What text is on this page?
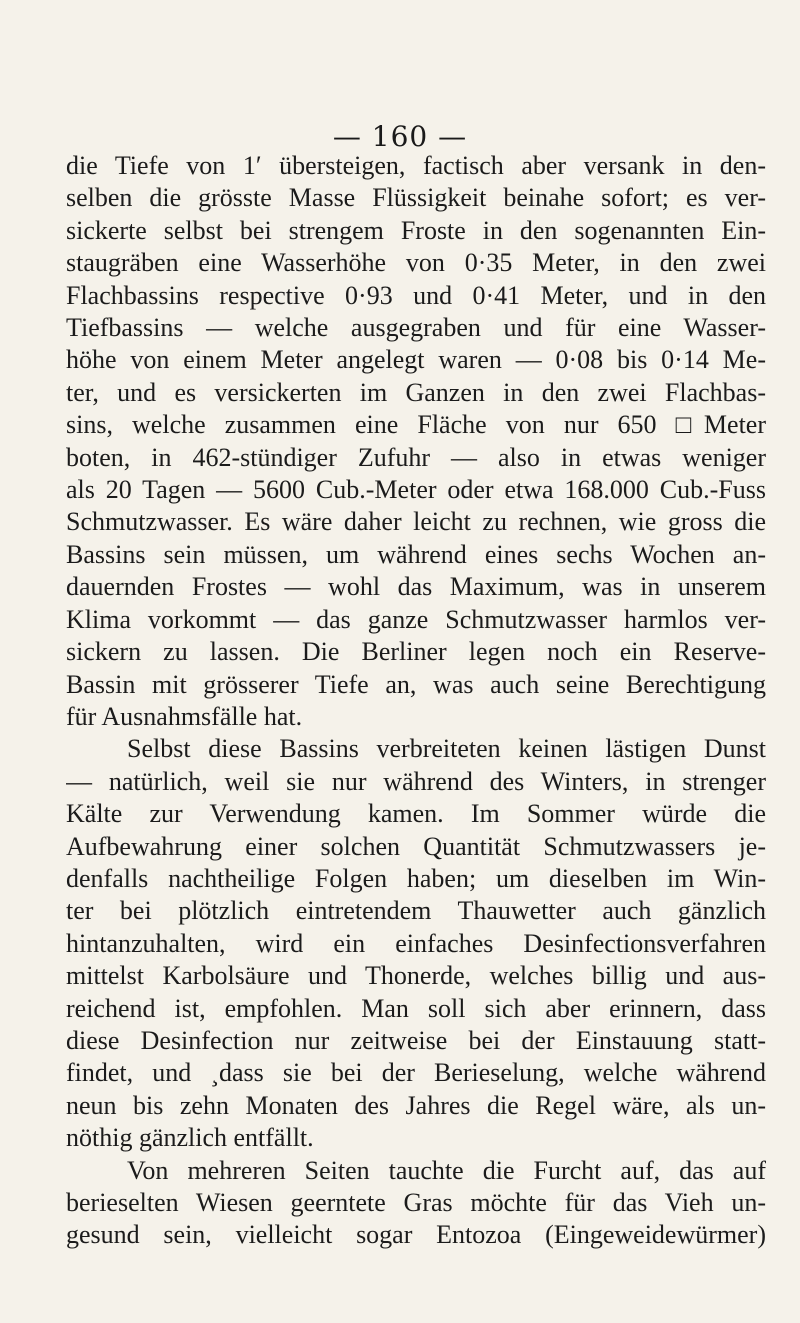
— 160 —
die Tiefe von 1′ übersteigen, factisch aber versank in den-
selben die grösste Masse Flüssigkeit beinahe sofort; es ver-
sickerte selbst bei strengem Froste in den sogenannten Ein-
staugräben eine Wasserhöhe von 0·35 Meter, in den zwei
Flachbassins respective 0·93 und 0·41 Meter, und in den
Tiefbassins — welche ausgegraben und für eine Wasser-
höhe von einem Meter angelegt waren — 0·08 bis 0·14 Me-
ter, und es versickerten im Ganzen in den zwei Flachbas-
sins, welche zusammen eine Fläche von nur 650 □Meter
boten, in 462-stündiger Zufuhr — also in etwas weniger
als 20 Tagen — 5600 Cub.-Meter oder etwa 168.000 Cub.-Fuss
Schmutzwasser. Es wäre daher leicht zu rechnen, wie gross die
Bassins sein müssen, um während eines sechs Wochen an-
dauernden Frostes — wohl das Maximum, was in unserem
Klima vorkommt — das ganze Schmutzwasser harmlos ver-
sickern zu lassen. Die Berliner legen noch ein Reserve-
Bassin mit grösserer Tiefe an, was auch seine Berechtigung
für Ausnahmsfälle hat.
Selbst diese Bassins verbreiteten keinen lästigen Dunst
— natürlich, weil sie nur während des Winters, in strenger
Kälte zur Verwendung kamen. Im Sommer würde die
Aufbewahrung einer solchen Quantität Schmutzwassers je-
denfalls nachtheilige Folgen haben; um dieselben im Win-
ter bei plötzlich eintretendem Thauwetter auch gänzlich
hintanzuhalten, wird ein einfaches Desinfectionsverfahren
mittelst Karbolsäure und Thonerde, welches billig und aus-
reichend ist, empfohlen. Man soll sich aber erinnern, dass
diese Desinfection nur zeitweise bei der Einstauung statt-
findet, und ¸dass sie bei der Berieselung, welche während
neun bis zehn Monaten des Jahres die Regel wäre, als un-
nöthig gänzlich entfällt.
Von mehreren Seiten tauchte die Furcht auf, das auf
berieselten Wiesen geerntete Gras möchte für das Vieh un-
gesund sein, vielleicht sogar Entozoa (Eingeweidewürmer)
